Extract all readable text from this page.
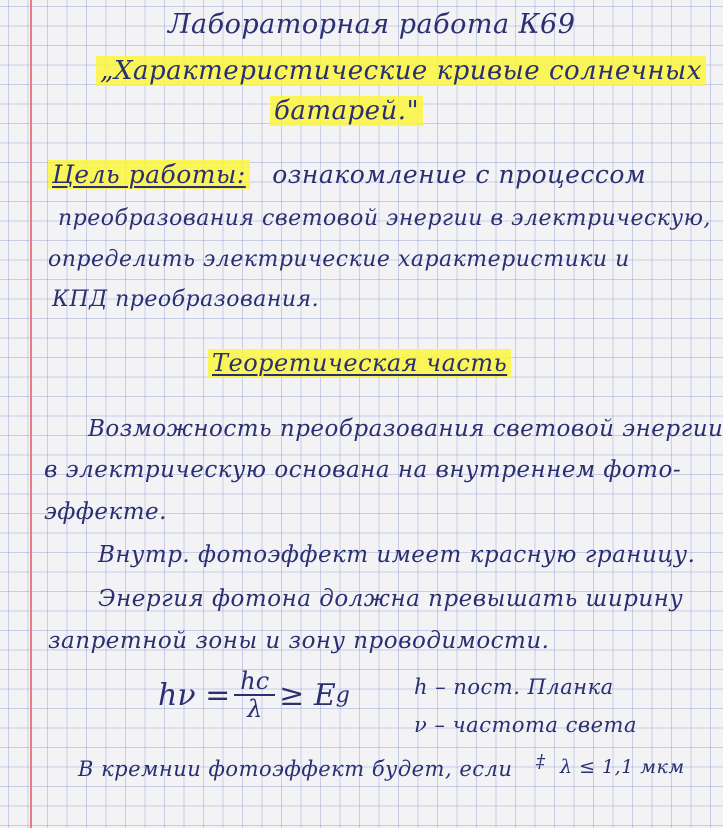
Лабораторная работа К69
„Характеристические кривые солнечных
батарей."
Цель работы: ознакомление с процессом
преобразования световой энергии в электрическую,
определить электрические характеристики и
КПД преобразования.
Теоретическая часть
Возможность преобразования световой энергии
в электрическую основана на внутреннем фото-
эффекте.
Внутр. фотоэффект имеет красную границу.
Энергия фотона должна превышать ширину
запретной зоны и зону проводимости.
$h\nu = \frac{hc}{\lambda} \ge E$ g	h – пост. Планка
ν – частота света
В кремнии фотоэффект будет, если ‡ λ ≤ 1,1 мкм
